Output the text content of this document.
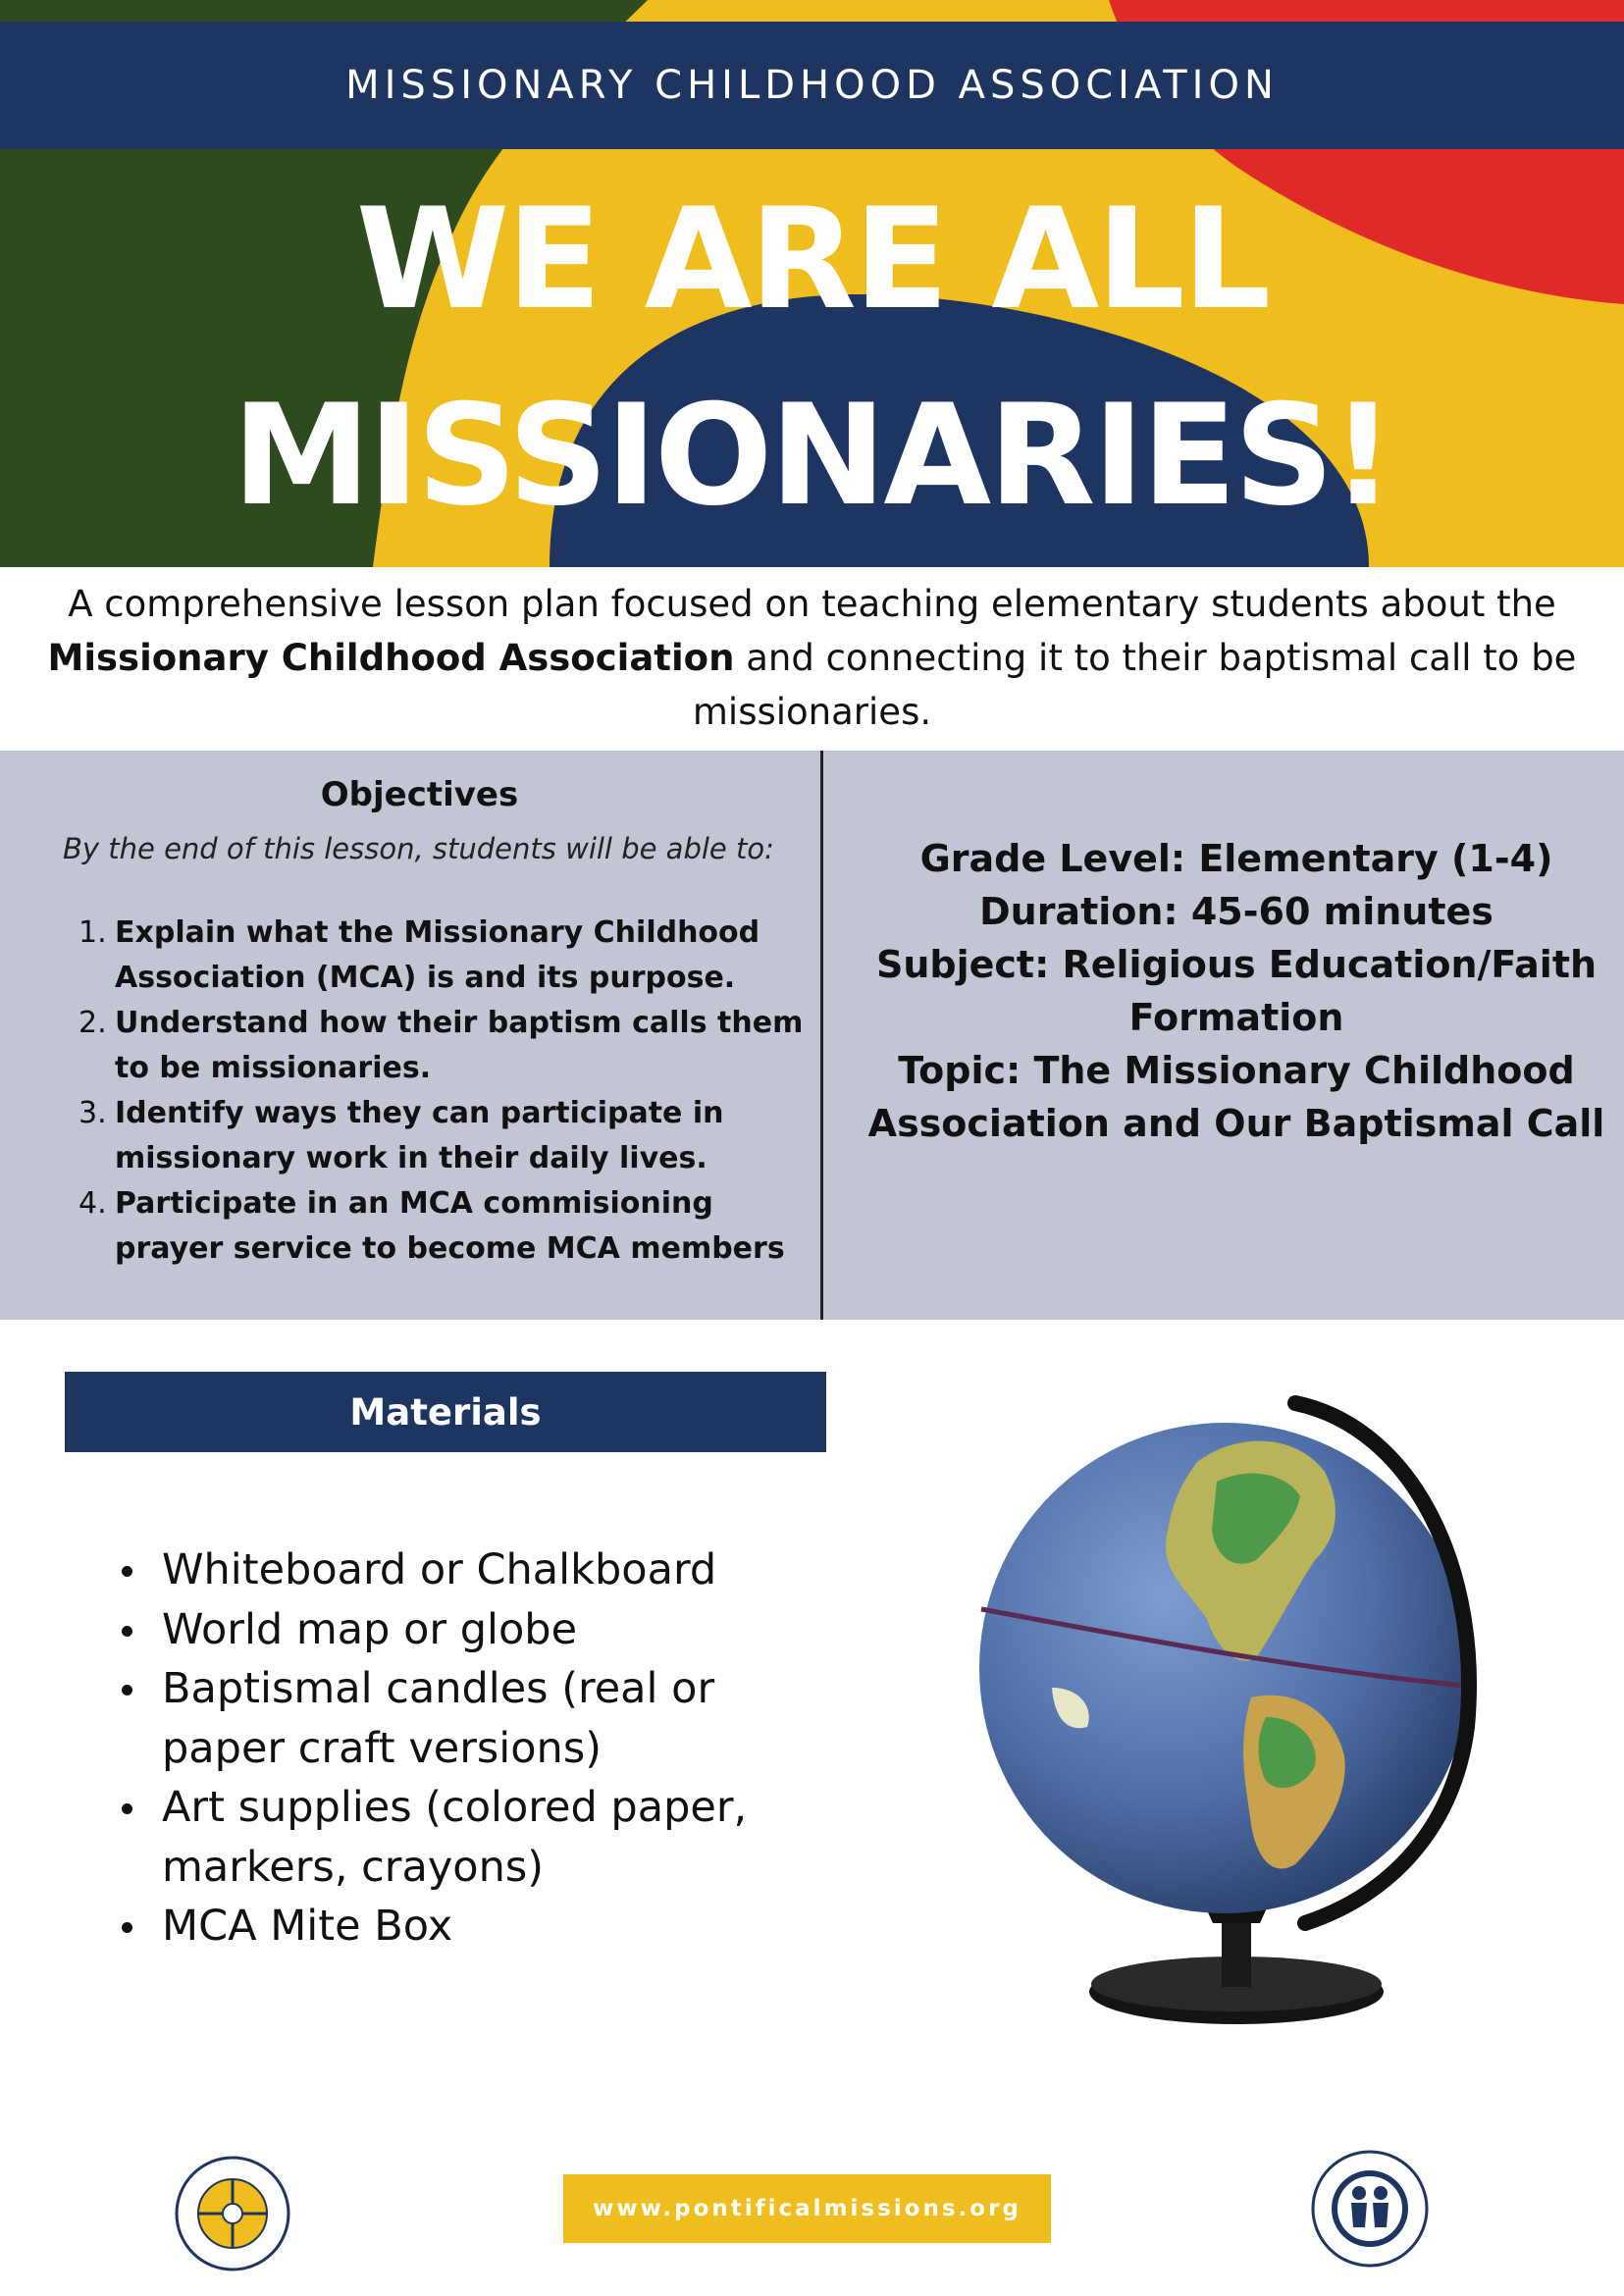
MISSIONARY CHILDHOOD ASSOCIATION
WE ARE ALL
MISSIONARIES!
A comprehensive lesson plan focused on teaching elementary students about the
Missionary Childhood Association and connecting it to their baptismal call to be missionaries.
Objectives
By the end of this lesson, students will be able to:
1. Explain what the Missionary Childhood Association (MCA) is and its purpose.
2. Understand how their baptism calls them to be missionaries.
3. Identify ways they can participate in missionary work in their daily lives.
4. Participate in an MCA commisioning prayer service to become MCA members
Grade Level: Elementary (1-4)
Duration: 45-60 minutes
Subject: Religious Education/Faith Formation
Topic: The Missionary Childhood Association and Our Baptismal Call
Materials
Whiteboard or Chalkboard
World map or globe
Baptismal candles (real or paper craft versions)
Art supplies (colored paper, markers, crayons)
MCA Mite Box
www.pontificalmissions.org
